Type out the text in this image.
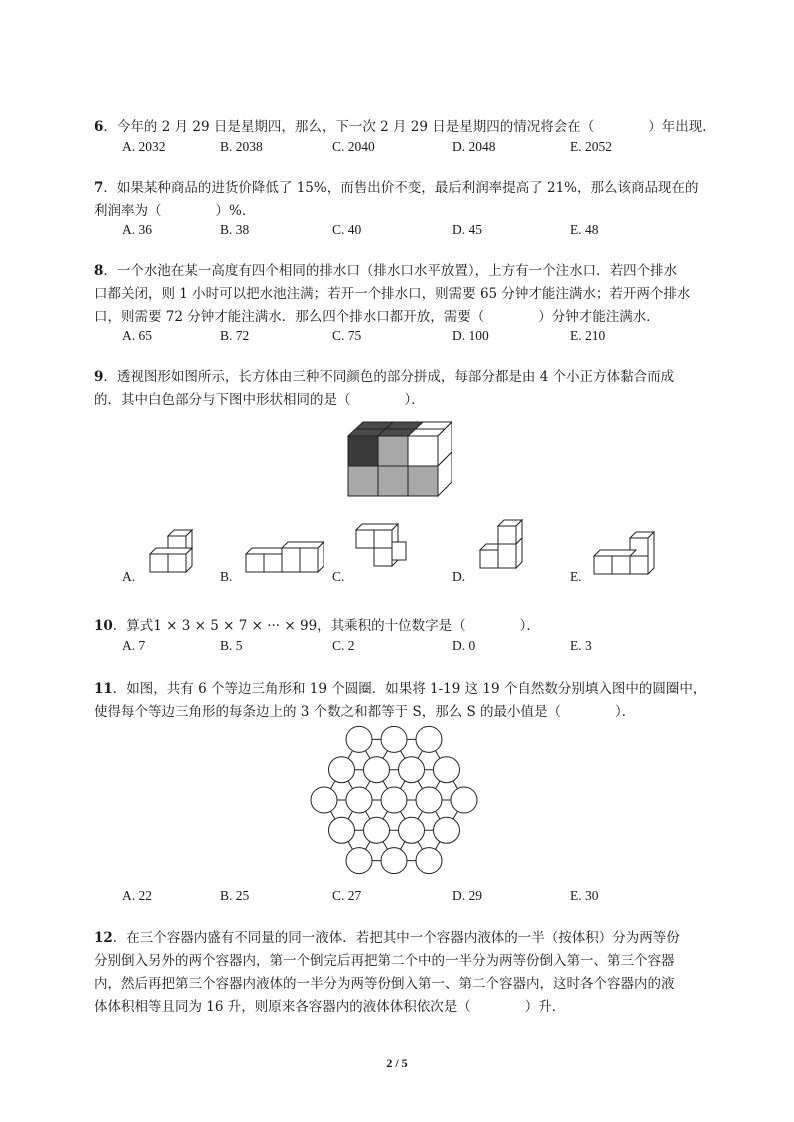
6．今年的 2 月 29 日是星期四，那么，下一次 2 月 29 日是星期四的情况将会在（　　　　）年出现．
A. 2032	B. 2038	C. 2040	D. 2048	E. 2052
7．如果某种商品的进货价降低了 15%，而售出价不变，最后利润率提高了 21%，那么该商品现在的
利润率为（　　　　）%．
A. 36	B. 38	C. 40	D. 45	E. 48
8．一个水池在某一高度有四个相同的排水口（排水口水平放置），上方有一个注水口．若四个排水
口都关闭，则 1 小时可以把水池注满；若开一个排水口，则需要 65 分钟才能注满水；若开两个排水
口，则需要 72 分钟才能注满水．那么四个排水口都开放，需要（　　　　）分钟才能注满水．
A. 65	B. 72	C. 75	D. 100	E. 210
9．透视图形如图所示，长方体由三种不同颜色的部分拼成，每部分都是由 4 个小正方体黏合而成
的．其中白色部分与下图中形状相同的是（　　　　）．
A.	B.	C.	D.	E.
10．算式1 × 3 × 5 × 7 × ··· × 99，其乘积的十位数字是（　　　　）．
A. 7	B. 5	C. 2	D. 0	E. 3
11．如图，共有 6 个等边三角形和 19 个圆圈．如果将 1-19 这 19 个自然数分别填入图中的圆圈中，
使得每个等边三角形的每条边上的 3 个数之和都等于 S，那么 S 的最小值是（　　　　）．
A. 22	B. 25	C. 27	D. 29	E. 30
12．在三个容器内盛有不同量的同一液体．若把其中一个容器内液体的一半（按体积）分为两等份
分别倒入另外的两个容器内，第一个倒完后再把第二个中的一半分为两等份倒入第一、第三个容器
内，然后再把第三个容器内液体的一半分为两等份倒入第一、第二个容器内，这时各个容器内的液
体体积相等且同为 16 升，则原来各容器内的液体体积依次是（　　　　）升．
2 / 5
